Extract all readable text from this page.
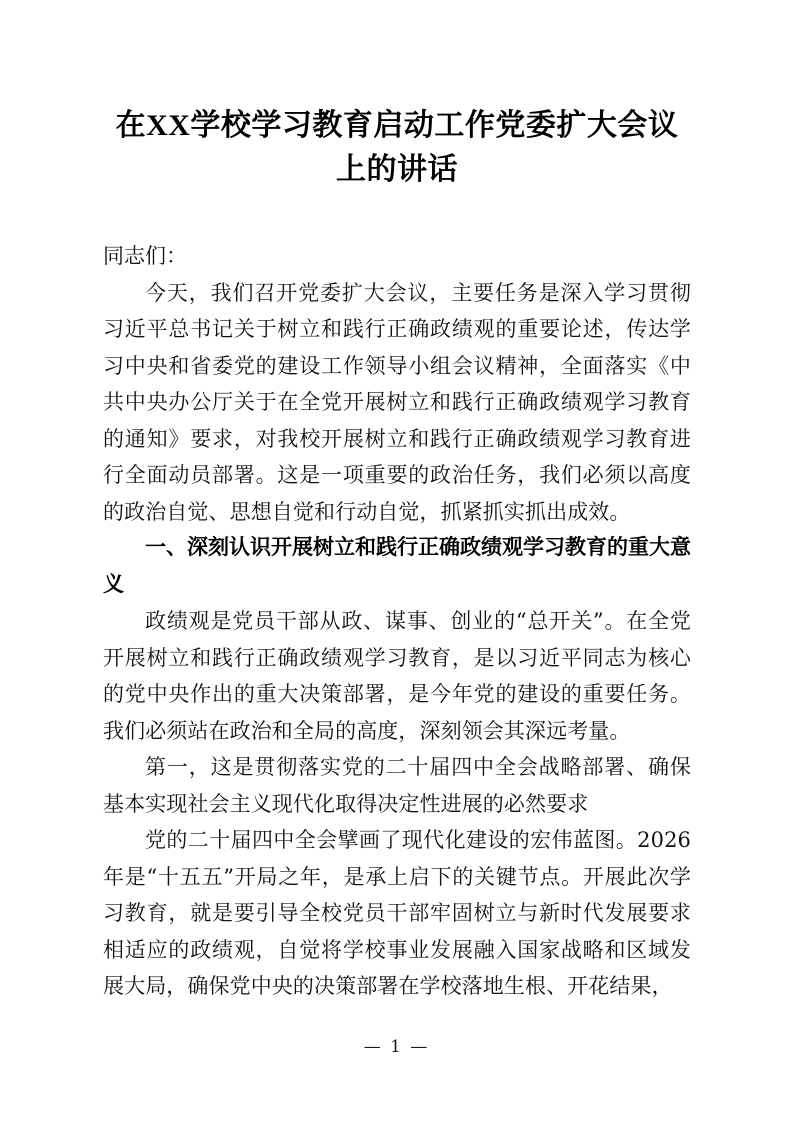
在XX学校学习教育启动工作党委扩大会议上的讲话

同志们：

今天，我们召开党委扩大会议，主要任务是深入学习贯彻习近平总书记关于树立和践行正确政绩观的重要论述，传达学习中央和省委党的建设工作领导小组会议精神，全面落实《中共中央办公厅关于在全党开展树立和践行正确政绩观学习教育的通知》要求，对我校开展树立和践行正确政绩观学习教育进行全面动员部署。这是一项重要的政治任务，我们必须以高度的政治自觉、思想自觉和行动自觉，抓紧抓实抓出成效。

一、深刻认识开展树立和践行正确政绩观学习教育的重大意义

政绩观是党员干部从政、谋事、创业的“总开关”。在全党开展树立和践行正确政绩观学习教育，是以习近平同志为核心的党中央作出的重大决策部署，是今年党的建设的重要任务。我们必须站在政治和全局的高度，深刻领会其深远考量。

第一，这是贯彻落实党的二十届四中全会战略部署、确保基本实现社会主义现代化取得决定性进展的必然要求

党的二十届四中全会擘画了现代化建设的宏伟蓝图。2026年是“十五五”开局之年，是承上启下的关键节点。开展此次学习教育，就是要引导全校党员干部牢固树立与新时代发展要求相适应的政绩观，自觉将学校事业发展融入国家战略和区域发展大局，确保党中央的决策部署在学校落地生根、开花结果，

— 1 —
